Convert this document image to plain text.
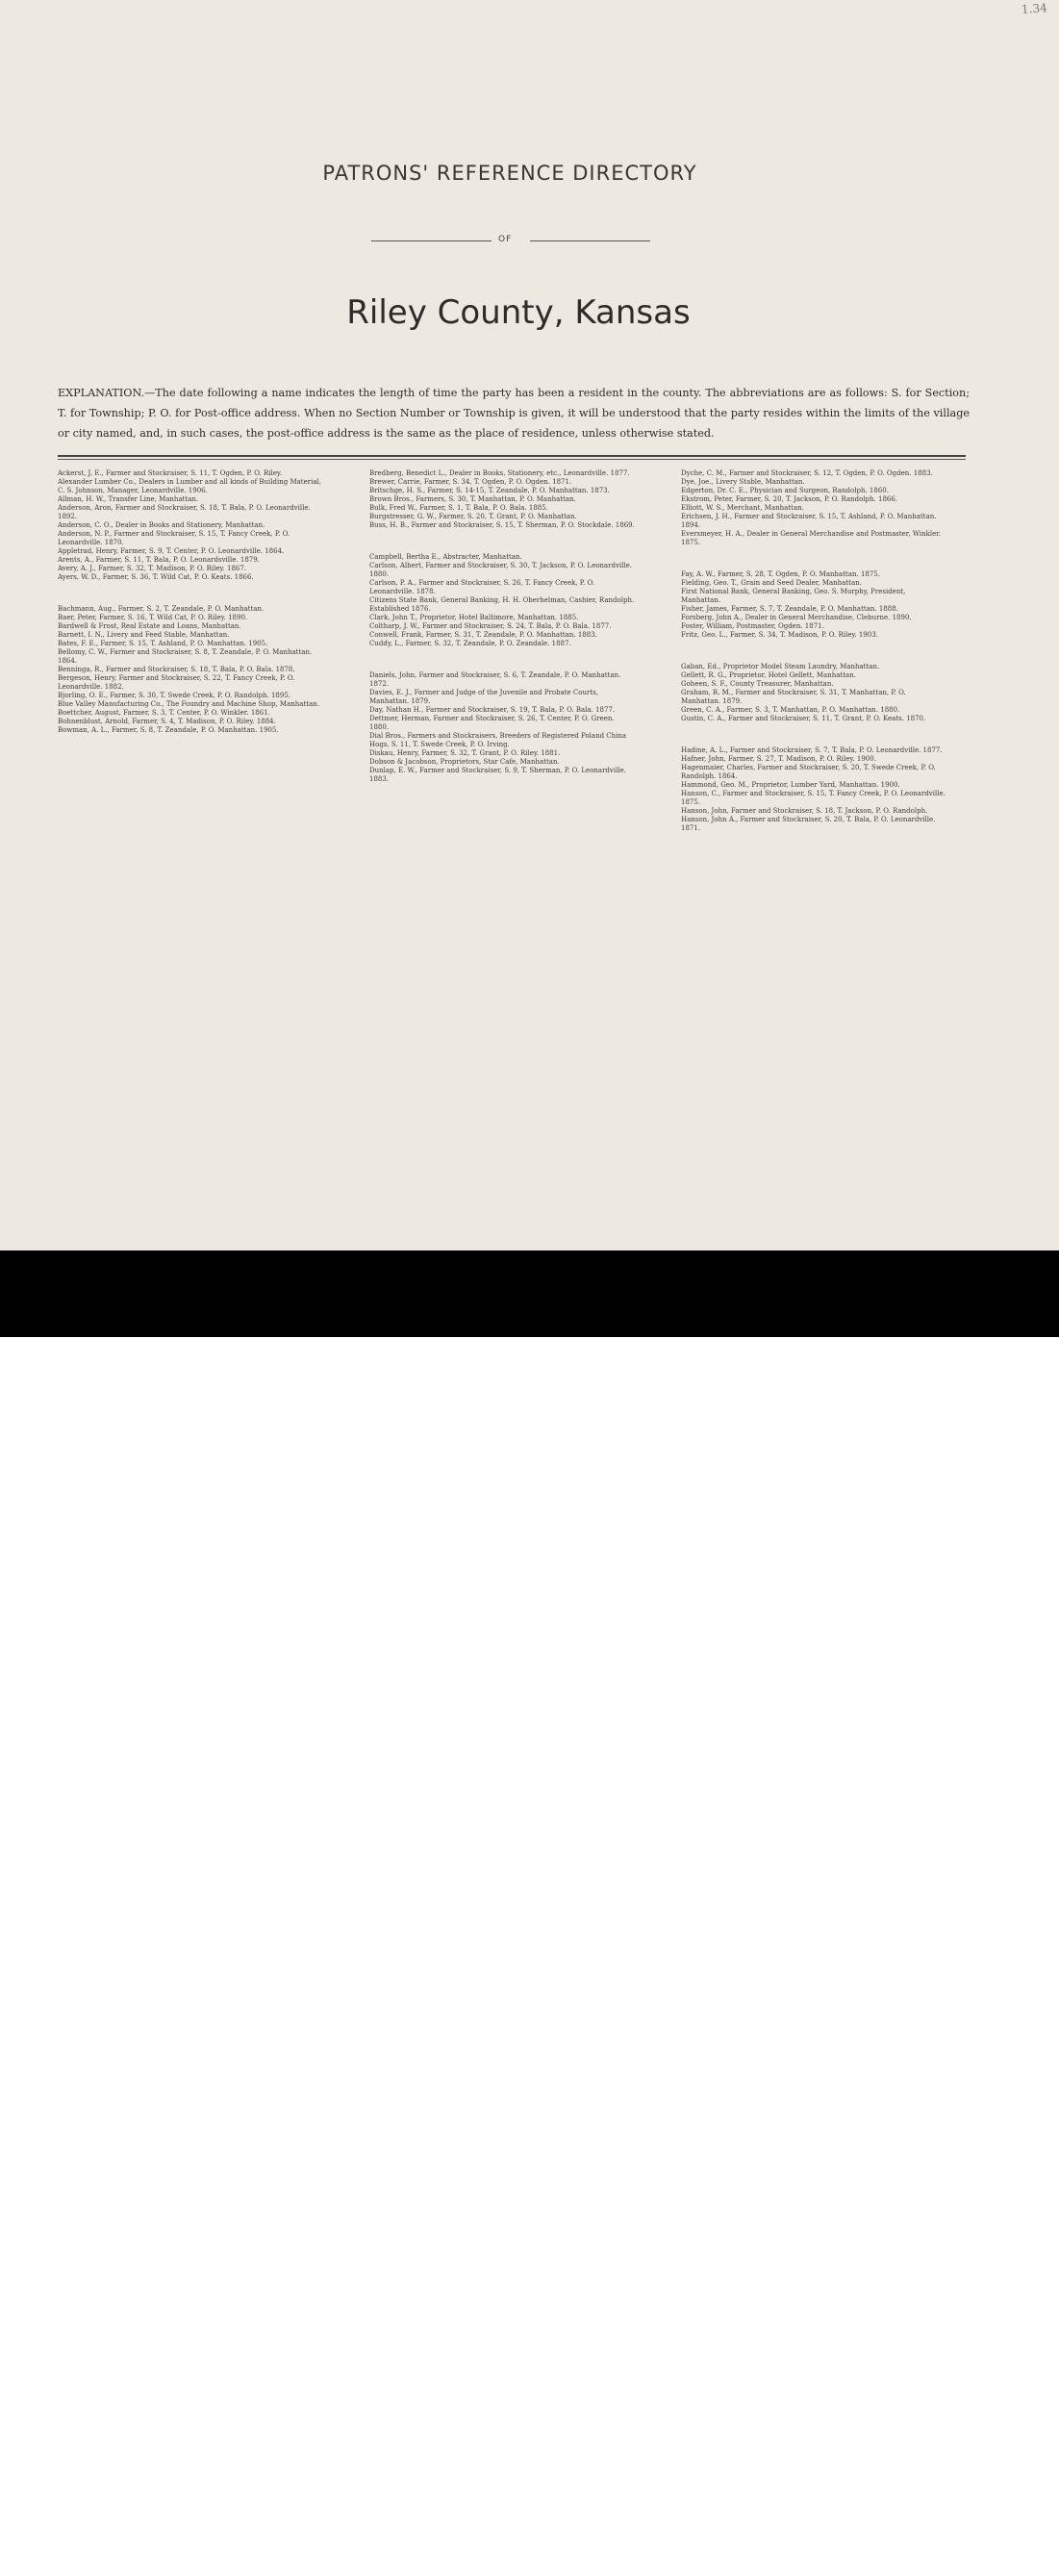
1.34
PATRONS' REFERENCE DIRECTORY
OF
Riley County, Kansas
EXPLANATION.—The date following a name indicates the length of time the party has been a resident in the county. The abbreviations are as follows: S. for Section; T. for Township; P. O. for Post-office address. When no Section Number or Township is given, it will be understood that the party resides within the limits of the village or city named, and, in such cases, the post-office address is the same as the place of residence, unless otherwise stated.
Ackerst, J. E., Farmer and Stockraiser, S. 11, T. Ogden, P. O. Riley.
Alexander Lumber Co., Dealers in Lumber and all kinds of Building Material, C. S. Johnson, Manager, Leonardville. 1906.
Allman, H. W., Transfer Line, Manhattan.
Anderson, Aron, Farmer and Stockraiser, S. 18, T. Bala, P. O. Leonardville. 1892.
Anderson, C. O., Dealer in Books and Stationery, Manhattan.
Anderson, N. P., Farmer and Stockraiser, S. 15, T. Fancy Creek, P. O. Leonardville. 1870.
Appletrad, Henry, Farmer, S. 9, T. Center, P. O. Leonardville. 1864.
Arents, A., Farmer, S. 11, T. Bala, P. O. Leonardsville. 1879.
Avery, A. J., Farmer, S. 32, T. Madison, P. O. Riley. 1867.
Ayers, W. D., Farmer, S. 36, T. Wild Cat, P. O. Keats. 1866.
Bachmann, Aug., Farmer, S. 2, T. Zeandale, P. O. Manhattan.
Baer, Peter, Farmer, S. 16, T. Wild Cat, P. O. Riley. 1890.
Bardwell & Frost, Real Estate and Loans, Manhattan.
Barnett, I. N., Livery and Feed Stable, Manhattan.
Bates, F. E., Farmer, S. 15, T. Ashland, P. O. Manhattan. 1905.
Bellomy, C. W., Farmer and Stockraiser, S. 8, T. Zeandale, P. O. Manhattan. 1864.
Benninga, R., Farmer and Stockraiser, S. 18, T. Bala, P. O. Bala. 1878.
Bergeson, Henry, Farmer and Stockraiser, S. 22, T. Fancy Creek, P. O. Leonardville. 1882.
Bjorling, O. E., Farmer, S. 30, T. Swede Creek, P. O. Randolph. 1895.
Blue Valley Manufacturing Co., The Foundry and Machine Shop, Manhattan.
Boettcher, August, Farmer, S. 3, T. Center, P. O. Winkler. 1861.
Bohnenblust, Arnold, Farmer, S. 4, T. Madison, P. O. Riley. 1884.
Bowman, A. L., Farmer, S. 8, T. Zeandale, P. O. Manhattan. 1905.
Bredberg, Benedict L., Dealer in Books, Stationery, etc., Leonardville. 1877.
Brewer, Carrie, Farmer, S. 34, T. Ogden, P. O. Ogden. 1871.
Britschge, H. S., Farmer, S. 14-15, T. Zeandale, P. O. Manhattan. 1873.
Brown Bros., Farmers, S. 30, T. Manhattan, P. O. Manhattan.
Bulk, Fred W., Farmer, S. 1, T. Bala, P. O. Bala. 1885.
Burgstresser, G. W., Farmer, S. 20, T. Grant, P. O. Manhattan.
Buss, H. B., Farmer and Stockraiser, S. 15, T. Sherman, P. O. Stockdale. 1869.
Campbell, Bertha E., Abstracter, Manhattan.
Carlson, Albert, Farmer and Stockraiser, S. 30, T. Jackson, P. O. Leonardville. 1880.
Carlson, P. A., Farmer and Stockraiser, S. 26, T. Fancy Creek, P. O. Leonardville. 1878.
Citizens State Bank, General Banking, H. H. Oberhelman, Cashier, Randolph. Established 1876.
Clark, John T., Proprietor, Hotel Baltimore, Manhattan. 1885.
Coltharp, J. W., Farmer and Stockraiser, S. 24, T. Bala, P. O. Bala. 1877.
Conwell, Frank, Farmer, S. 31, T. Zeandale, P. O. Manhattan. 1883.
Cuddy, L., Farmer, S. 32, T. Zeandale, P. O. Zeandale. 1887.
Daniels, John, Farmer and Stockraiser, S. 6, T. Zeandale, P. O. Manhattan. 1872.
Davies, E. J., Farmer and Judge of the Juvenile and Probate Courts, Manhattan. 1879.
Day, Nathan H., Farmer and Stockraiser, S. 19, T. Bala, P. O. Bala. 1877.
Dettmer, Herman, Farmer and Stockraiser, S. 26, T. Center, P. O. Green. 1880.
Dial Bros., Farmers and Stockraisers, Breeders of Registered Poland China Hogs, S. 11, T. Swede Creek, P. O. Irving.
Diskau, Henry, Farmer, S. 32, T. Grant, P. O. Riley. 1881.
Dobson & Jacobson, Proprietors, Star Cafe, Manhattan.
Dunlap, E. W., Farmer and Stockraiser, S. 9, T. Sherman, P. O. Leonardville. 1883.
Dyche, C. M., Farmer and Stockraiser, S. 12, T. Ogden, P. O. Ogden. 1883.
Dye, Joe., Livery Stable, Manhattan.
Edgerton, Dr. C. E., Physician and Surgeon, Randolph. 1860.
Ekstrom, Peter, Farmer, S. 20, T. Jackson, P. O. Randolph. 1866.
Elliott, W. S., Merchant, Manhattan.
Erichsen, J. H., Farmer and Stockraiser, S. 15, T. Ashland, P. O. Manhattan. 1894.
Eversmeyer, H. A., Dealer in General Merchandise and Postmaster, Winkler. 1875.
Fay, A. W., Farmer, S. 28, T. Ogden, P. O. Manhattan. 1875.
Fielding, Geo. T., Grain and Seed Dealer, Manhattan.
First National Bank, General Banking, Geo. S. Murphy, President, Manhattan.
Fisher, James, Farmer, S. 7, T. Zeandale, P. O. Manhattan. 1888.
Forsberg, John A., Dealer in General Merchandise, Cleburne. 1890.
Foster, William, Postmaster, Ogden. 1871.
Fritz, Geo. L., Farmer, S. 34, T. Madison, P. O. Riley. 1903.
Gaban, Ed., Proprietor Model Steam Laundry, Manhattan.
Gellett, R. G., Proprietor, Hotel Gellett, Manhattan.
Goheen, S. F., County Treasurer, Manhattan.
Graham, R. M., Farmer and Stockraiser, S. 31, T. Manhattan, P. O. Manhattan. 1879.
Green, C. A., Farmer, S. 3, T. Manhattan, P. O. Manhattan. 1880.
Gustin, C. A., Farmer and Stockraiser, S. 11, T. Grant, P. O. Keats. 1870.
Hadine, A. L., Farmer and Stockraiser, S. 7, T. Bala, P. O. Leonardville. 1877.
Hafner, John, Farmer, S. 27, T. Madison, P. O. Riley. 1900.
Hagenmaier, Charles, Farmer and Stockraiser, S. 20, T. Swede Creek, P. O. Randolph. 1864.
Hammond, Geo. M., Proprietor, Lumber Yard, Manhattan. 1900.
Hanson, C., Farmer and Stockraiser, S. 15, T. Fancy Creek, P. O. Leonardville. 1875.
Hanson, John, Farmer and Stockraiser, S. 18, T. Jackson, P. O. Randolph.
Hanson, John A., Farmer and Stockraiser, S. 20, T. Bala, P. O. Leonardville. 1871.
alamy
Image ID: 2HHERDG
www.alamy.com
